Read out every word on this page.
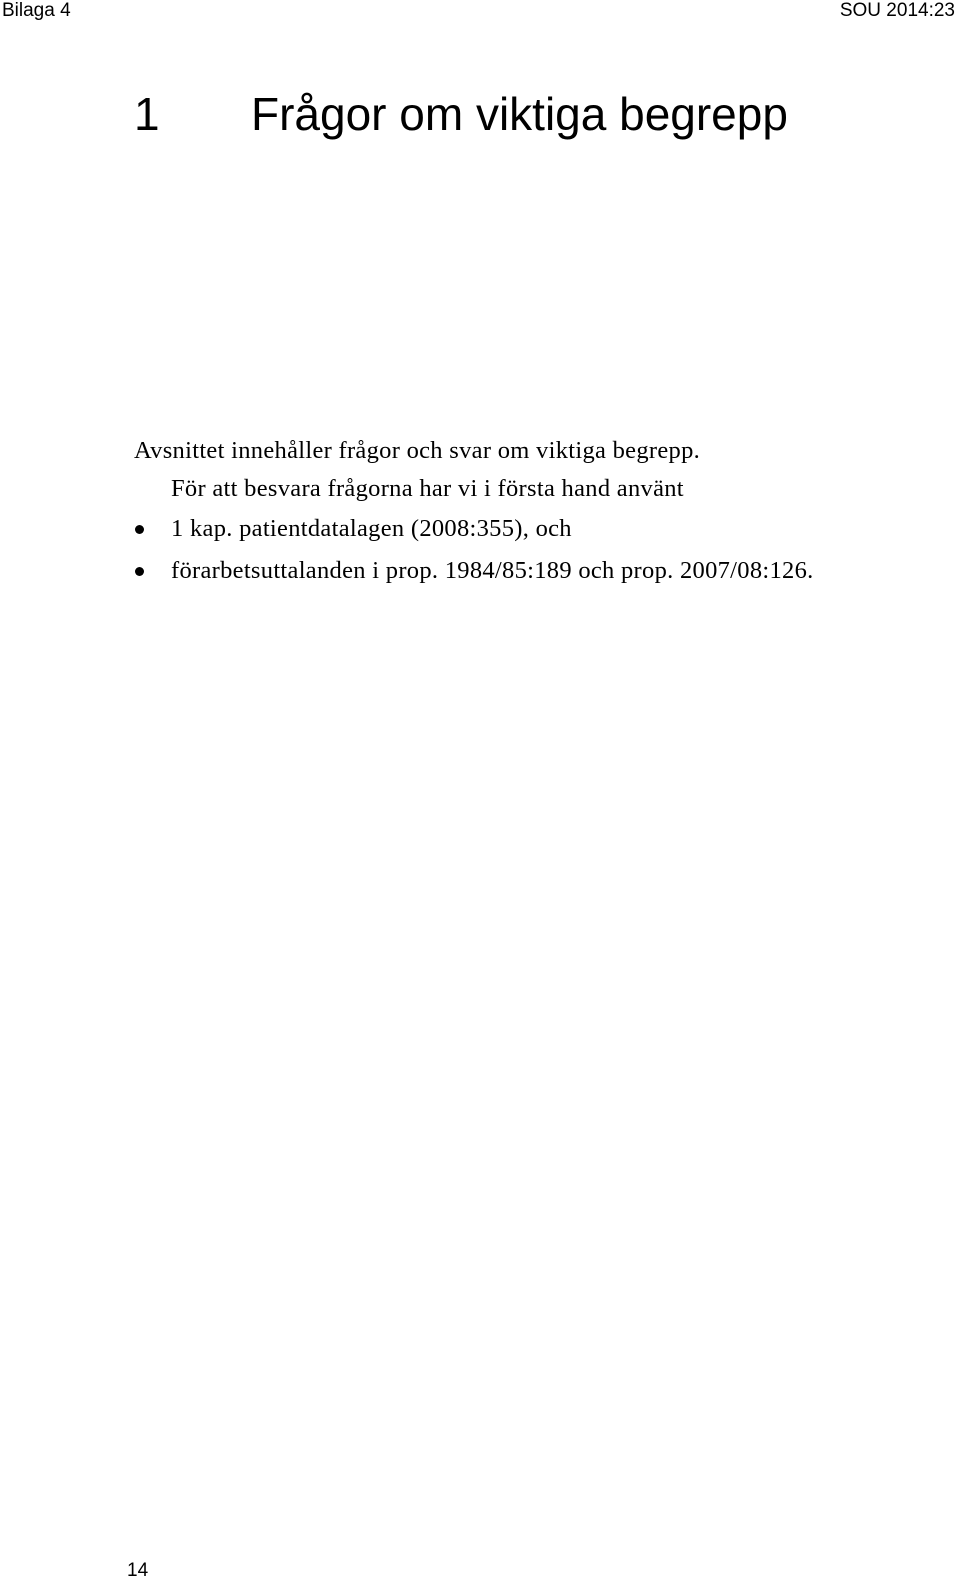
Bilaga 4	SOU 2014:23
1 Frågor om viktiga begrepp
Avsnittet innehåller frågor och svar om viktiga begrepp.
För att besvara frågorna har vi i första hand använt
1 kap. patientdatalagen (2008:355), och
förarbetsuttalanden i prop. 1984/85:189 och prop. 2007/08:126.
14
